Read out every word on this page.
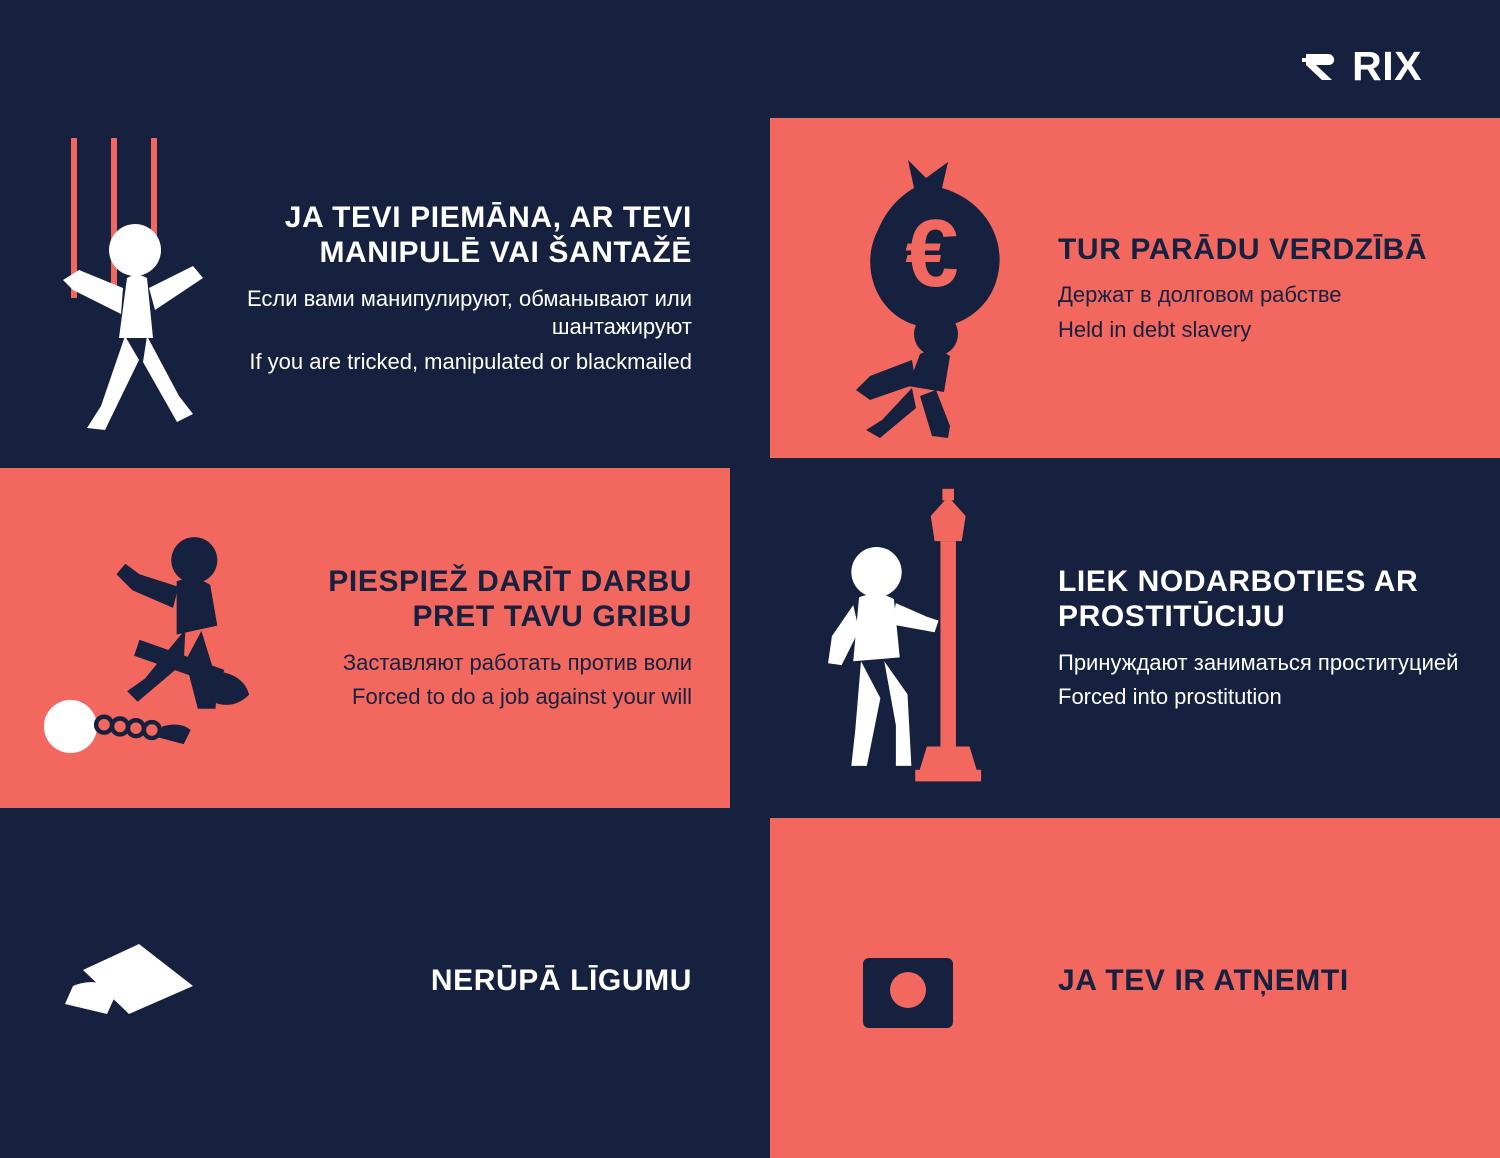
RIX
JA TEVI PIEMĀNA, AR TEVI MANIPULĒ VAI ŠANTAŽĒ

Если вами манипулируют, обманывают или шантажируют

If you are tricked, manipulated or blackmailed

€	TUR PARĀDU VERDZĪBĀ

Держат в долговом рабстве

Held in debt slavery

PIESPIEŽ DARĪT DARBU PRET TAVU GRIBU

Заставляют работать против воли

Forced to do a job against your will

LIEK NODARBOTIES AR PROSTITŪCIJU

Принуждают заниматься проституцией

Forced into prostitution

NERŪPĀ LĪGUMU	JA TEV IR ATŅEMTI
